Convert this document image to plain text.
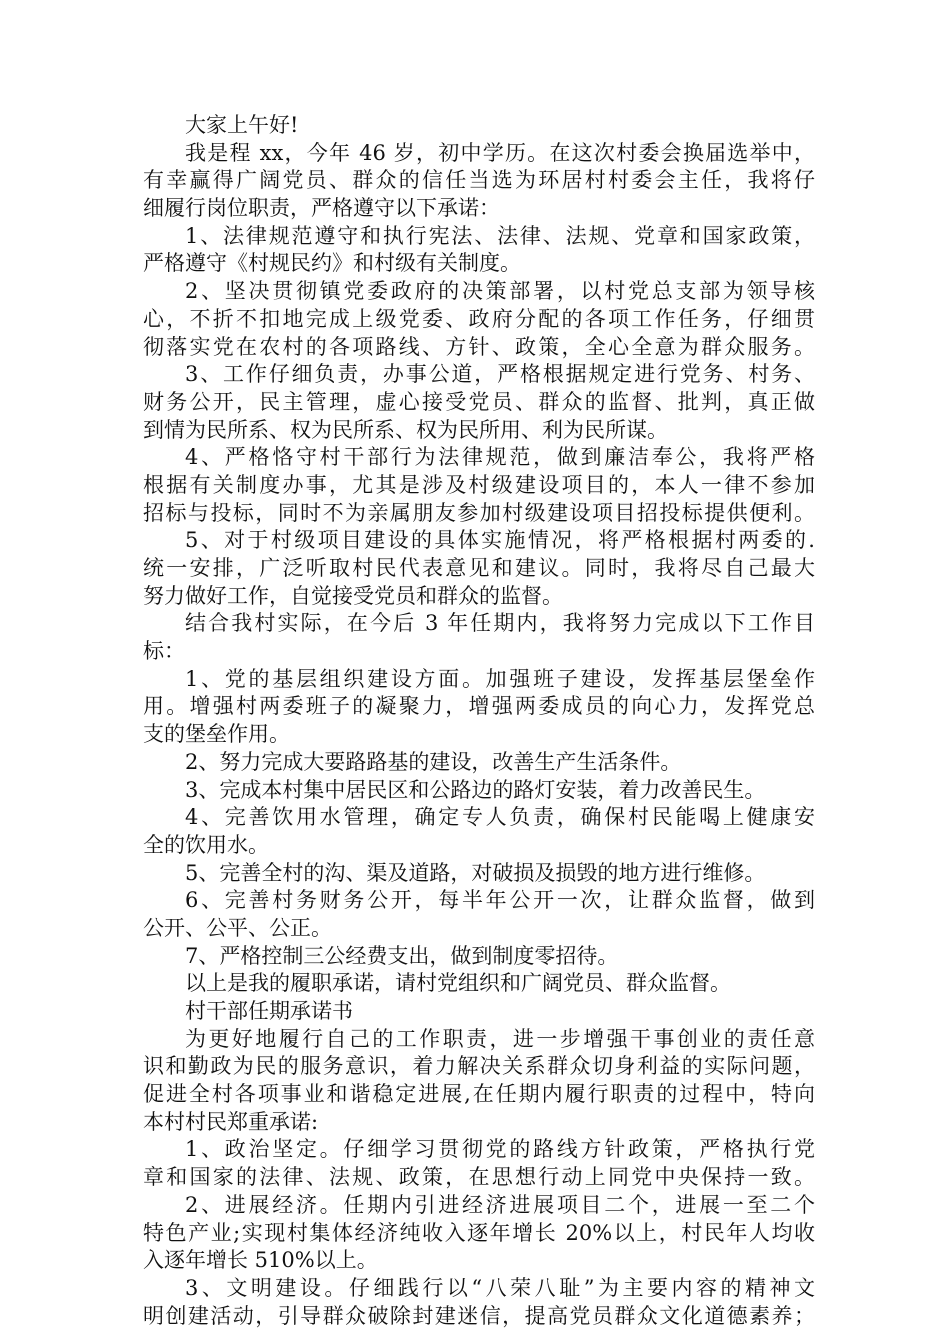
大家上午好!
我是程 xx，今年 46 岁，初中学历。在这次村委会换届选举中，
有幸赢得广阔党员、群众的信任当选为环居村村委会主任，我将仔
细履行岗位职责，严格遵守以下承诺：
1、法律规范遵守和执行宪法、法律、法规、党章和国家政策，
严格遵守《村规民约》和村级有关制度。
2、坚决贯彻镇党委政府的决策部署，以村党总支部为领导核
心，不折不扣地完成上级党委、政府分配的各项工作任务，仔细贯
彻落实党在农村的各项路线、方针、政策，全心全意为群众服务。
3、工作仔细负责，办事公道，严格根据规定进行党务、村务、
财务公开，民主管理，虚心接受党员、群众的监督、批判，真正做
到情为民所系、权为民所系、权为民所用、利为民所谋。
4、严格恪守村干部行为法律规范，做到廉洁奉公，我将严格
根据有关制度办事，尤其是涉及村级建设项目的，本人一律不参加
招标与投标，同时不为亲属朋友参加村级建设项目招投标提供便利。
5、对于村级项目建设的具体实施情况，将严格根据村两委的.
统一安排，广泛听取村民代表意见和建议。同时，我将尽自己最大
努力做好工作，自觉接受党员和群众的监督。
结合我村实际，在今后 3 年任期内，我将努力完成以下工作目
标：
1、党的基层组织建设方面。加强班子建设，发挥基层堡垒作
用。增强村两委班子的凝聚力，增强两委成员的向心力，发挥党总
支的堡垒作用。
2、努力完成大要路路基的建设，改善生产生活条件。
3、完成本村集中居民区和公路边的路灯安装，着力改善民生。
4、完善饮用水管理，确定专人负责，确保村民能喝上健康安
全的饮用水。
5、完善全村的沟、渠及道路，对破损及损毁的地方进行维修。
6、完善村务财务公开，每半年公开一次，让群众监督，做到
公开、公平、公正。
7、严格控制三公经费支出，做到制度零招待。
以上是我的履职承诺，请村党组织和广阔党员、群众监督。
村干部任期承诺书
为更好地履行自己的工作职责，进一步增强干事创业的责任意
识和勤政为民的服务意识，着力解决关系群众切身利益的实际问题，
促进全村各项事业和谐稳定进展,在任期内履行职责的过程中，特向
本村村民郑重承诺:
1、政治坚定。仔细学习贯彻党的路线方针政策，严格执行党
章和国家的法律、法规、政策，在思想行动上同党中央保持一致。
2、进展经济。任期内引进经济进展项目二个，进展一至二个
特色产业;实现村集体经济纯收入逐年增长 20%以上，村民年人均收
入逐年增长 510%以上。
3、文明建设。仔细践行以“八荣八耻”为主要内容的精神文
明创建活动，引导群众破除封建迷信，提高党员群众文化道德素养；
